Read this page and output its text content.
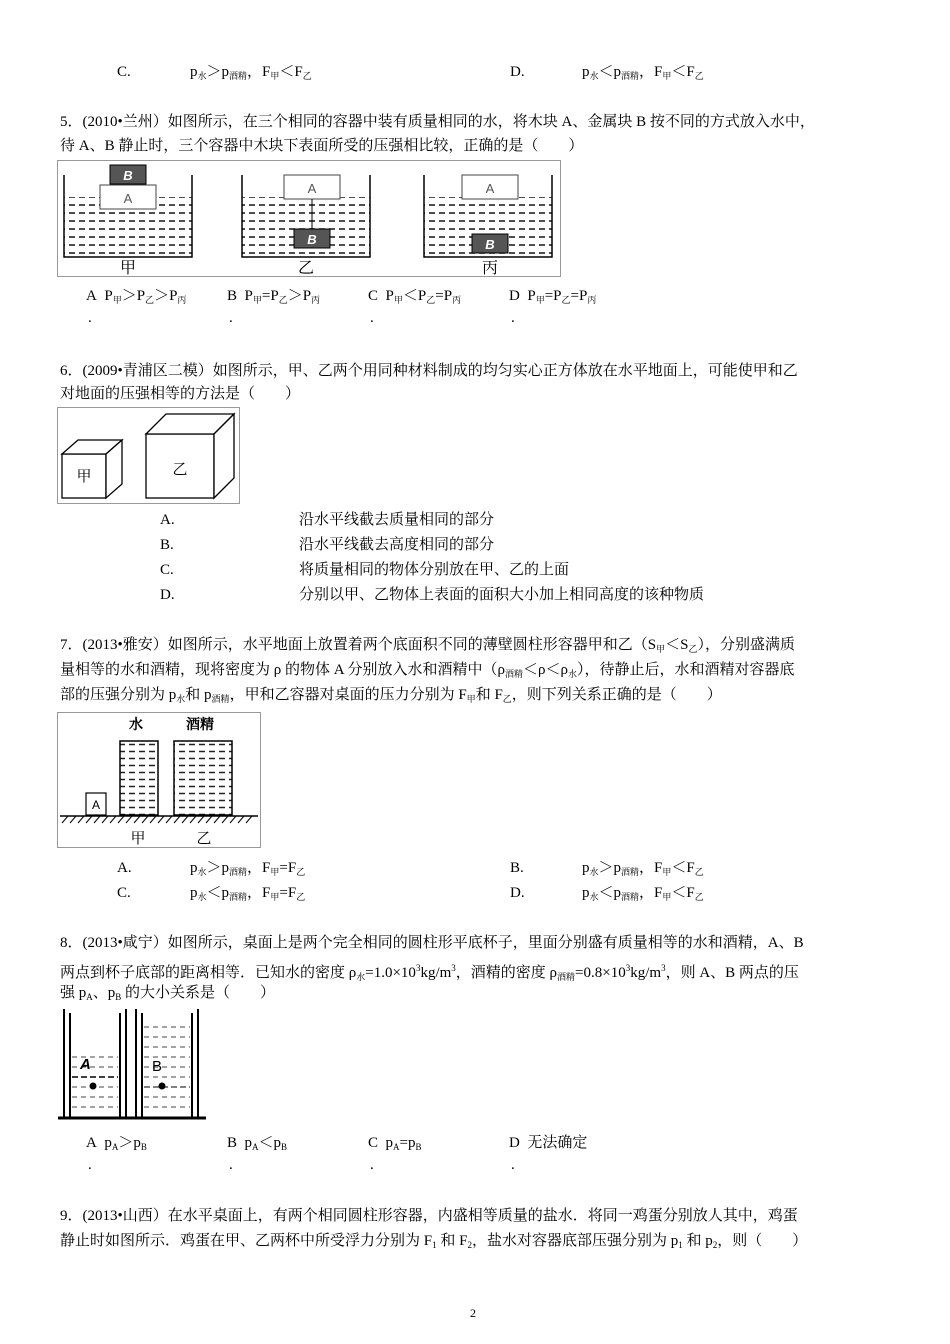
C.	$p_水>p_{酒精}$，$F_甲<F_乙$	D.	$p_水<p_{酒精}$，$F_甲<F_乙$
5．(2010•兰州）如图所示，在三个相同的容器中装有质量相同的水，将木块 A、金属块 B 按不同的方式放入水中，
待 A、B 静止时，三个容器中木块下表面所受的压强相比较，正确的是（　　）
A
B
甲
A
B
乙
A
B
丙
A $P_甲>P_乙>P_丙$
.
B $P_甲=P_乙>P_丙$
.
C $P_甲<P_乙=P_丙$
.
D $P_甲=P_乙=P_丙$
.
6．(2009•青浦区二模）如图所示，甲、乙两个用同种材料制成的均匀实心正方体放在水平地面上，可能使甲和乙
对地面的压强相等的方法是（　　）
甲	乙
A.	沿水平线截去质量相同的部分
B.	沿水平线截去高度相同的部分
C.	将质量相同的物体分别放在甲、乙的上面
D.	分别以甲、乙物体上表面的面积大小加上相同高度的该种物质
7．(2013•雅安）如图所示，水平地面上放置着两个底面积不同的薄壁圆柱形容器甲和乙$(S_甲<S_乙)$，分别盛满质
量相等的水和酒精，现将密度为 ρ 的物体 A 分别放入水和酒精中$(\rho_{酒精}<\rho<\rho_水)$，待静止后，水和酒精对容器底
部的压强分别为 $p_水$和 $p_{酒精}$，甲和乙容器对桌面的压力分别为 $F_甲$和 $F_乙$，则下列关系正确的是（　　）
水	酒精
A
甲	乙
A.	$p_水>p_{酒精}$，$F_甲=F_乙$	B.	$p_水>p_{酒精}$，$F_甲<F_乙$
C.	$p_水<p_{酒精}$，$F_甲=F_乙$	D.	$p_水<p_{酒精}$，$F_甲<F_乙$
8．(2013•咸宁）如图所示，桌面上是两个完全相同的圆柱形平底杯子，里面分别盛有质量相等的水和酒精，A、B
两点到杯子底部的距离相等．已知水的密度 $\rho_水=1.0\times 10^3kg/m^3$，酒精的密度 $\rho_{酒精}=0.8\times 10^3kg/m^3$，则 A、B 两点的压
强 $p_A$、$p_B$ 的大小关系是（　　）
A	B
A $p_A>p_B$
.
B $p_A<p_B$
.
C $p_A=p_B$
.
D 无法确定
.
9．(2013•山西）在水平桌面上，有两个相同圆柱形容器，内盛相等质量的盐水．将同一鸡蛋分别放人其中，鸡蛋
静止时如图所示．鸡蛋在甲、乙两杯中所受浮力分别为 $F_1$ 和 $F_2$，盐水对容器底部压强分别为 $p_1$ 和 $p_2$，则（　　）
2
